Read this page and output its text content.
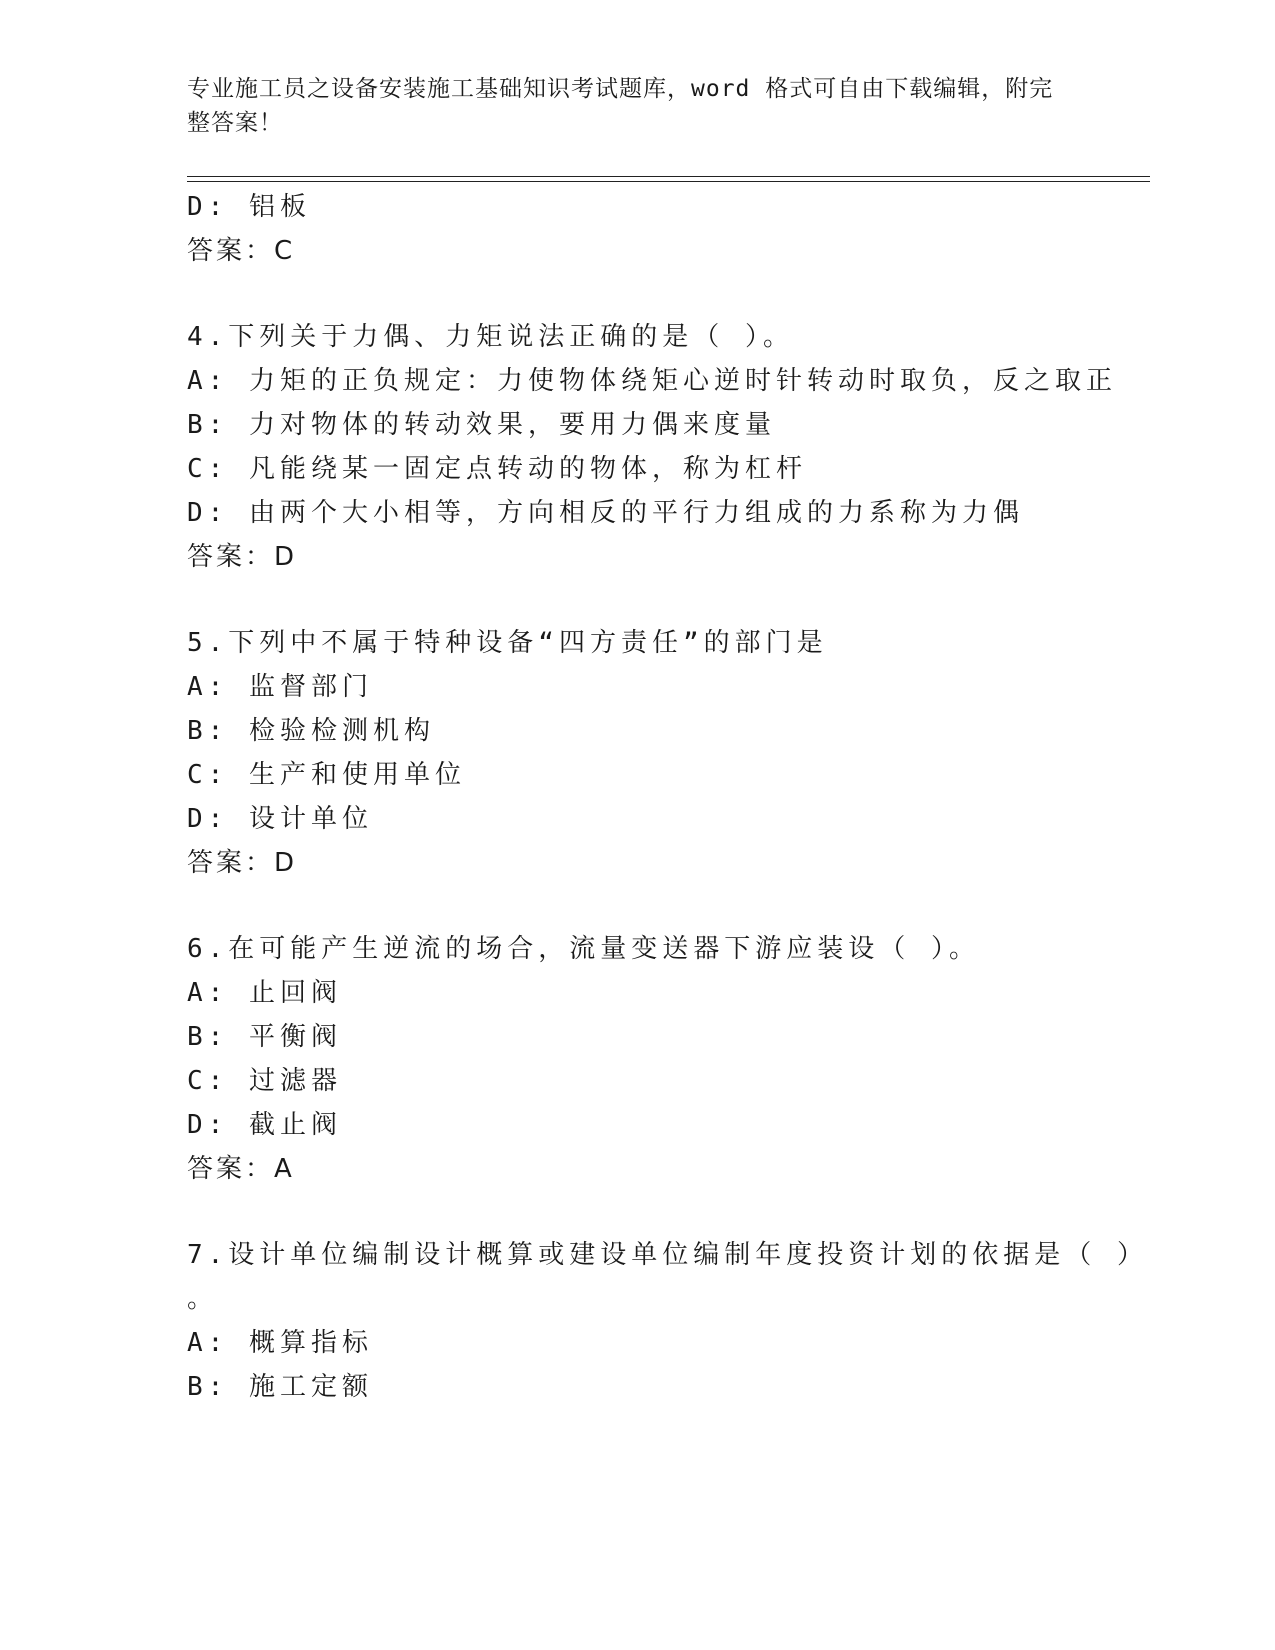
专业施工员之设备安装施工基础知识考试题库，word 格式可自由下载编辑，附完整答案！
D: 铝板
答案：C
4.下列关于力偶、力矩说法正确的是（ ）。
A: 力矩的正负规定：力使物体绕矩心逆时针转动时取负，反之取正
B: 力对物体的转动效果，要用力偶来度量
C: 凡能绕某一固定点转动的物体，称为杠杆
D: 由两个大小相等，方向相反的平行力组成的力系称为力偶
答案：D
5.下列中不属于特种设备“四方责任”的部门是
A: 监督部门
B: 检验检测机构
C: 生产和使用单位
D: 设计单位
答案：D
6.在可能产生逆流的场合，流量变送器下游应装设（ ）。
A: 止回阀
B: 平衡阀
C: 过滤器
D: 截止阀
答案：A
7.设计单位编制设计概算或建设单位编制年度投资计划的依据是（ ）
。
A: 概算指标
B: 施工定额
